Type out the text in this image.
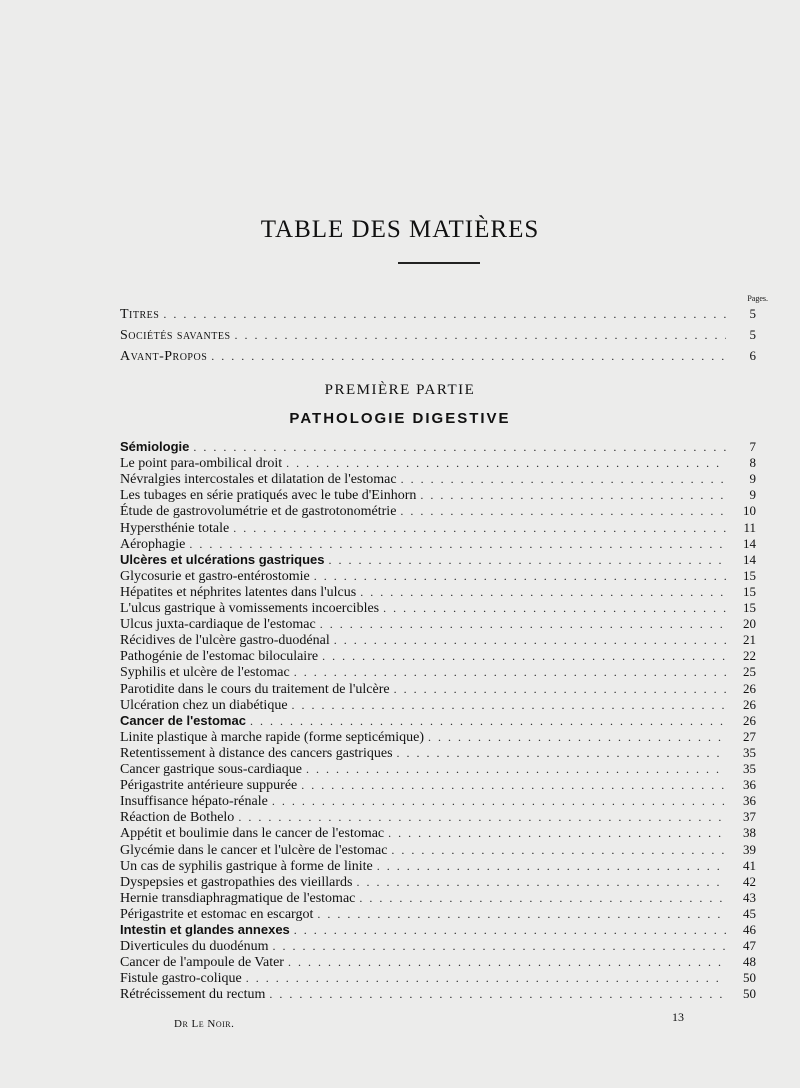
TABLE DES MATIÈRES
Pages.
Titres . . .	5
Sociétés savantes . . .	5
Avant-Propos . . .	6
PREMIÈRE PARTIE
PATHOLOGIE DIGESTIVE
Sémiologie . . .	7
Le point para-ombilical droit . . .	8
Névralgies intercostales et dilatation de l'estomac . . .	9
Les tubages en série pratiqués avec le tube d'Einhorn . . .	9
Étude de gastrovolumétrie et de gastrotonométrie . . .	10
Hypersthénie totale . . .	11
Aérophagie . . .	14
Ulcères et ulcérations gastriques . . .	14
Glycosurie et gastro-entérostomie . . .	15
Hépatites et néphrites latentes dans l'ulcus . . .	15
L'ulcus gastrique à vomissements incoercibles . . .	15
Ulcus juxta-cardiaque de l'estomac . . .	20
Récidives de l'ulcère gastro-duodénal . . .	21
Pathogénie de l'estomac biloculaire . . .	22
Syphilis et ulcère de l'estomac . . .	25
Parotidite dans le cours du traitement de l'ulcère . . .	26
Ulcération chez un diabétique . . .	26
Cancer de l'estomac . . .	26
Linite plastique à marche rapide (forme septicémique) . . .	27
Retentissement à distance des cancers gastriques . . .	35
Cancer gastrique sous-cardiaque . . .	35
Périgastrite antérieure suppurée . . .	36
Insuffisance hépato-rénale . . .	36
Réaction de Bothelo . . .	37
Appétit et boulimie dans le cancer de l'estomac . . .	38
Glycémie dans le cancer et l'ulcère de l'estomac . . .	39
Un cas de syphilis gastrique à forme de linite . . .	41
Dyspepsies et gastropathies des vieillards . . .	42
Hernie transdiaphragmatique de l'estomac . . .	43
Périgastrite et estomac en escargot . . .	45
Intestin et glandes annexes . . .	46
Diverticules du duodénum . . .	47
Cancer de l'ampoule de Vater . . .	48
Fistule gastro-colique . . .	50
Rétrécissement du rectum . . .	50
Dr Le Noir.	13
